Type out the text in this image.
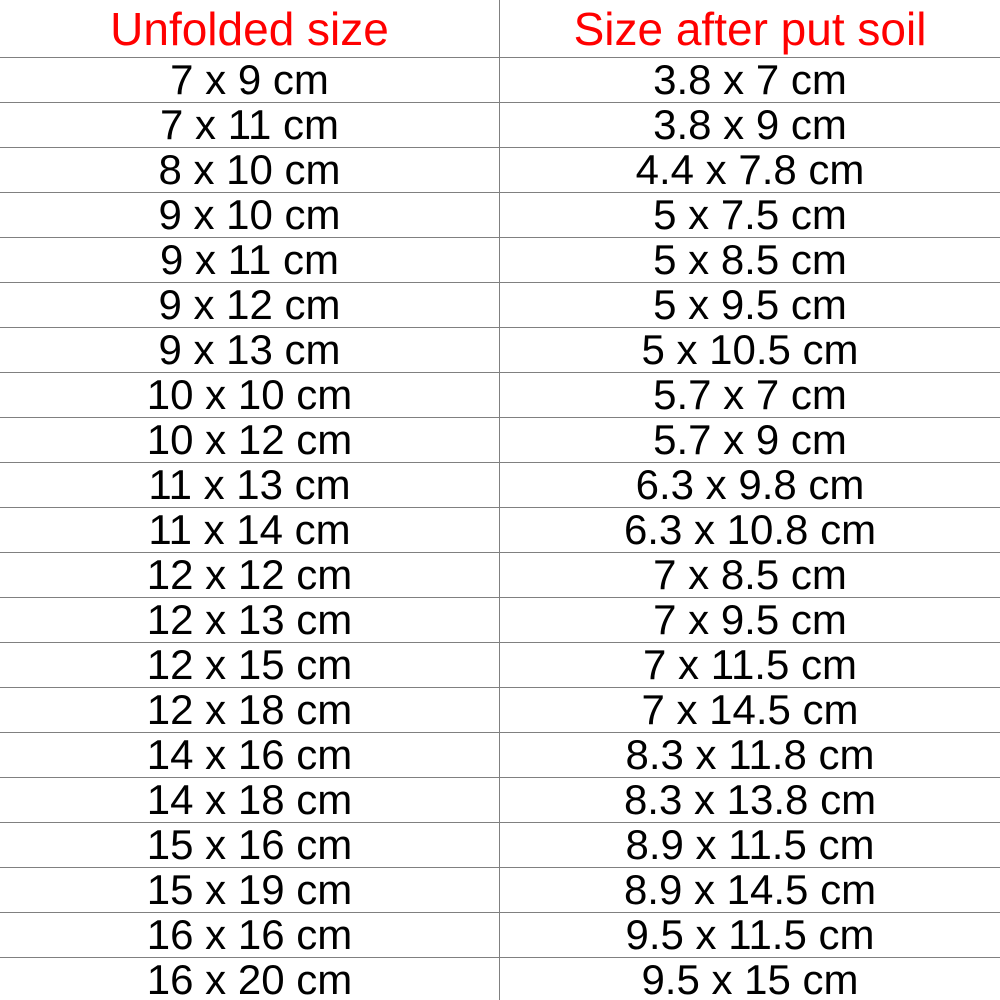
Unfolded size	Size after put soil
7 x 9 cm	3.8 x 7 cm
7 x 11 cm	3.8 x 9 cm
8 x 10 cm	4.4 x 7.8 cm
9 x 10 cm	5 x 7.5 cm
9 x 11 cm	5 x 8.5 cm
9 x 12 cm	5 x 9.5 cm
9 x 13 cm	5 x 10.5 cm
10 x 10 cm	5.7 x 7 cm
10 x 12 cm	5.7 x 9 cm
11 x 13 cm	6.3 x 9.8 cm
11 x 14 cm	6.3 x 10.8 cm
12 x 12 cm	7 x 8.5 cm
12 x 13 cm	7 x 9.5 cm
12 x 15 cm	7 x 11.5 cm
12 x 18 cm	7 x 14.5 cm
14 x 16 cm	8.3 x 11.8 cm
14 x 18 cm	8.3 x 13.8 cm
15 x 16 cm	8.9 x 11.5 cm
15 x 19 cm	8.9 x 14.5 cm
16 x 16 cm	9.5 x 11.5 cm
16 x 20 cm	9.5 x 15 cm
